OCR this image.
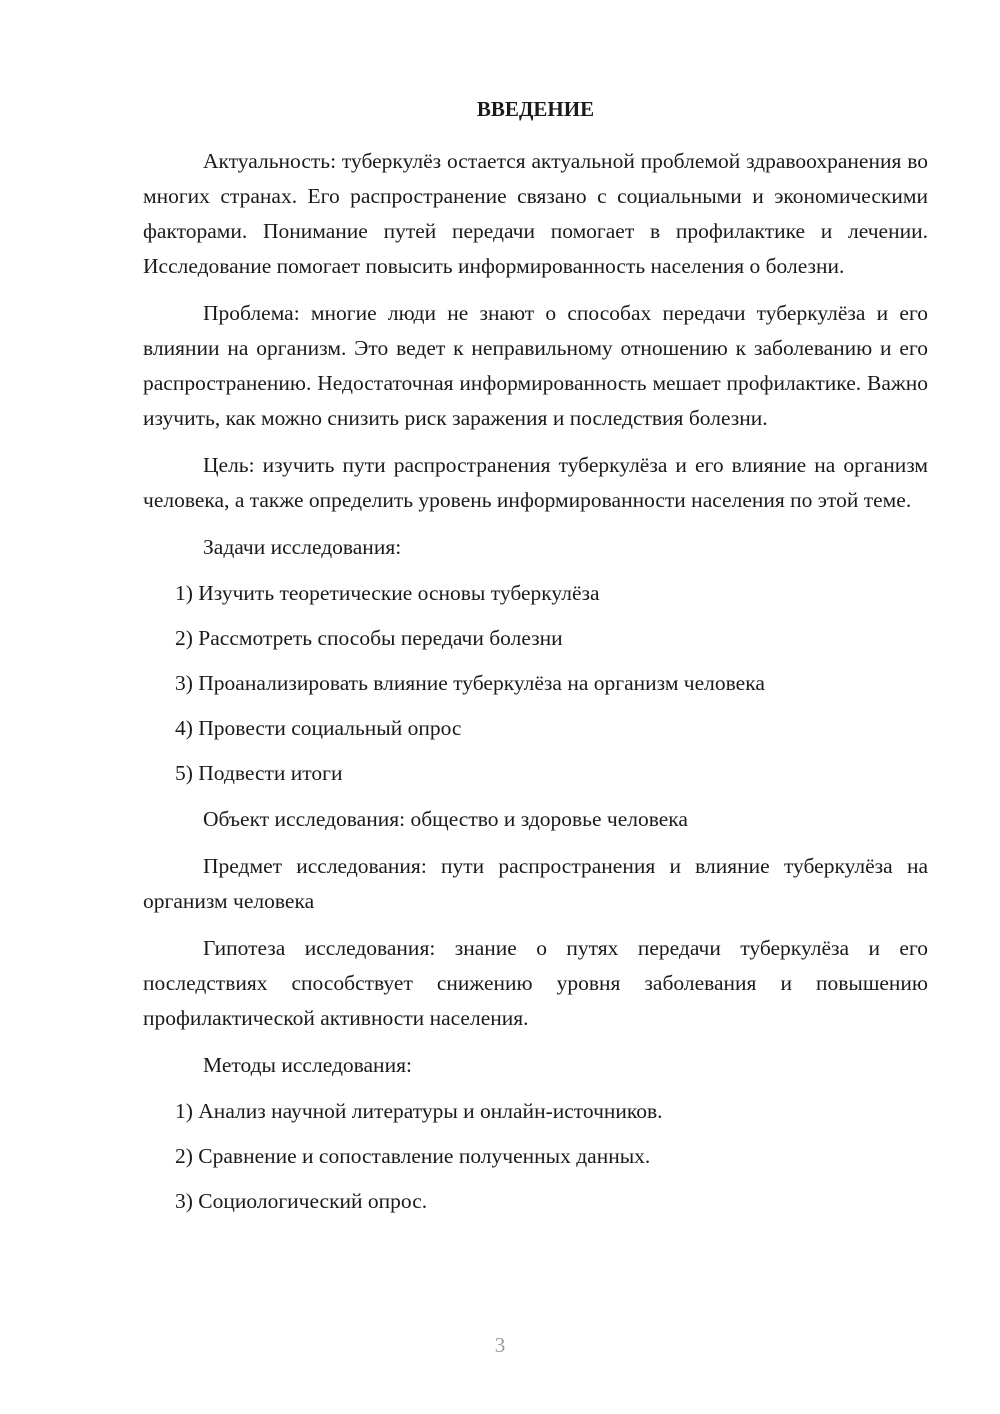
ВВЕДЕНИЕ

Актуальность: туберкулёз остается актуальной проблемой здравоохранения во многих странах. Его распространение связано с социальными и экономическими факторами. Понимание путей передачи помогает в профилактике и лечении. Исследование помогает повысить информированность населения о болезни.

Проблема: многие люди не знают о способах передачи туберкулёза и его влиянии на организм. Это ведет к неправильному отношению к заболеванию и его распространению. Недостаточная информированность мешает профилактике. Важно изучить, как можно снизить риск заражения и последствия болезни.

Цель: изучить пути распространения туберкулёза и его влияние на организм человека, а также определить уровень информированности населения по этой теме.

Задачи исследования:
1) Изучить теоретические основы туберкулёза
2) Рассмотреть способы передачи болезни
3) Проанализировать влияние туберкулёза на организм человека
4) Провести социальный опрос
5) Подвести итоги

Объект исследования: общество и здоровье человека

Предмет исследования: пути распространения и влияние туберкулёза на организм человека

Гипотеза исследования: знание о путях передачи туберкулёза и его последствиях способствует снижению уровня заболевания и повышению профилактической активности населения.

Методы исследования:
1) Анализ научной литературы и онлайн-источников.
2) Сравнение и сопоставление полученных данных.
3) Социологический опрос.
3
